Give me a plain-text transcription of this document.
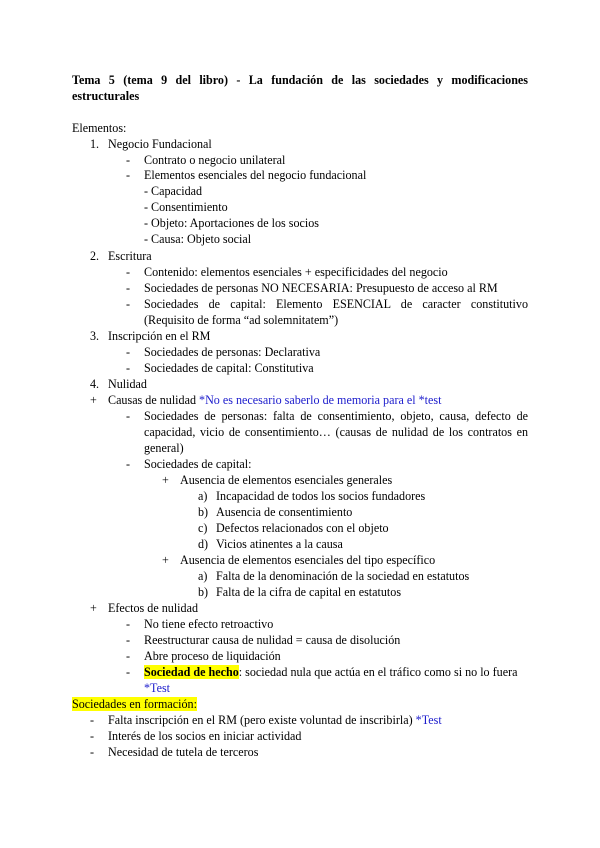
Tema 5 (tema 9 del libro) - La fundación de las sociedades y modificaciones
estructurales
Elementos:
1. Negocio Fundacional
- Contrato o negocio unilateral
- Elementos esenciales del negocio fundacional
- Capacidad
- Consentimiento
- Objeto: Aportaciones de los socios
- Causa: Objeto social
2. Escritura
- Contenido: elementos esenciales + especificidades del negocio
- Sociedades de personas NO NECESARIA: Presupuesto de acceso al RM
- Sociedades de capital: Elemento ESENCIAL de caracter constitutivo
(Requisito de forma “ad solemnitatem”)
3. Inscripción en el RM
- Sociedades de personas: Declarativa
- Sociedades de capital: Constitutiva
4. Nulidad
+ Causas de nulidad *No es necesario saberlo de memoria para el *test
- Sociedades de personas: falta de consentimiento, objeto, causa, defecto de
capacidad, vicio de consentimiento… (causas de nulidad de los contratos en
general)
- Sociedades de capital:
+ Ausencia de elementos esenciales generales
a) Incapacidad de todos los socios fundadores
b) Ausencia de consentimiento
c) Defectos relacionados con el objeto
d) Vicios atinentes a la causa
+ Ausencia de elementos esenciales del tipo específico
a) Falta de la denominación de la sociedad en estatutos
b) Falta de la cifra de capital en estatutos
+ Efectos de nulidad
- No tiene efecto retroactivo
- Reestructurar causa de nulidad = causa de disolución
- Abre proceso de liquidación
- Sociedad de hecho: sociedad nula que actúa en el tráfico como si no lo fuera
*Test
Sociedades en formación:
- Falta inscripción en el RM (pero existe voluntad de inscribirla) *Test
- Interés de los socios en iniciar actividad
- Necesidad de tutela de terceros
